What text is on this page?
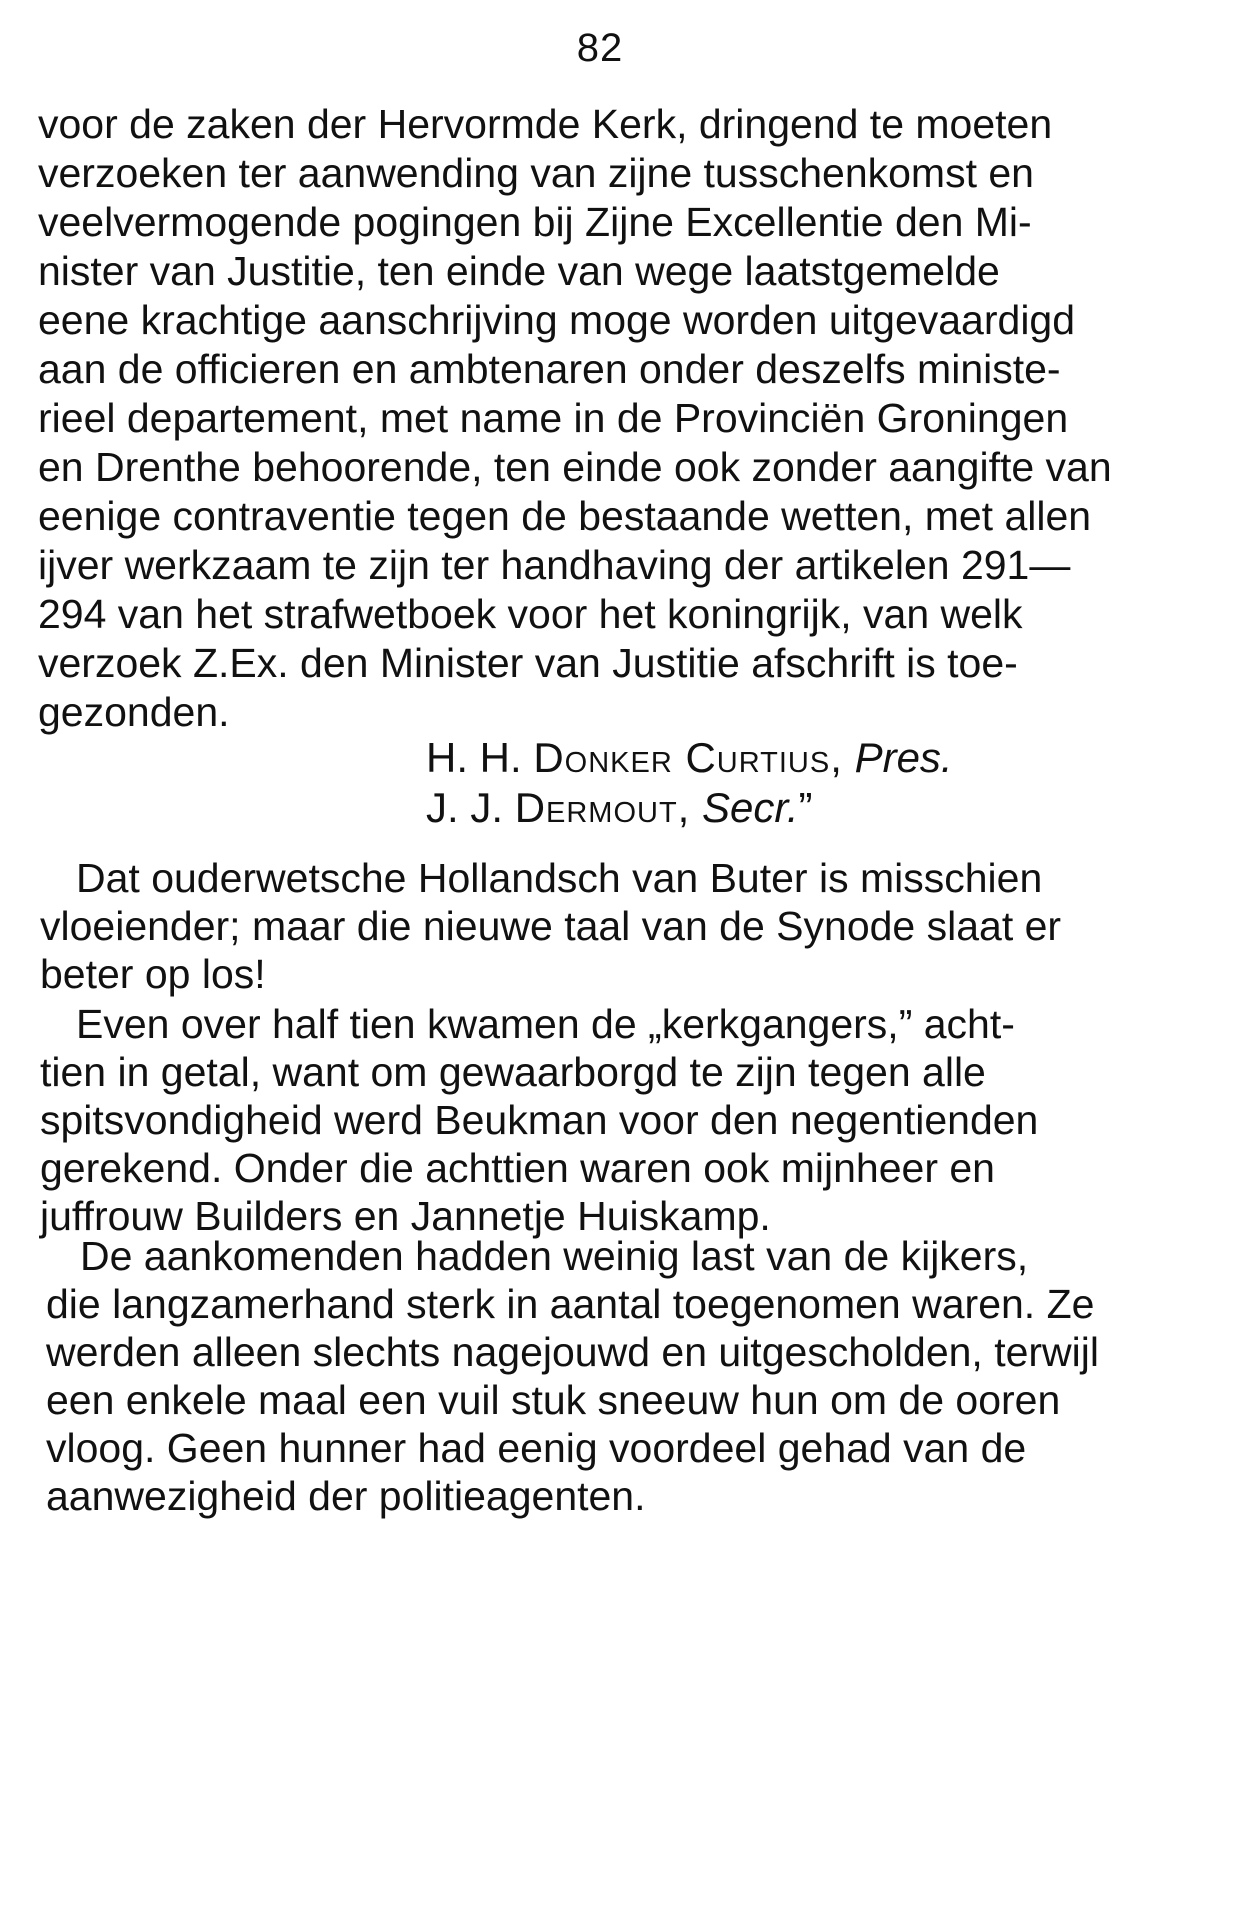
82
voor de zaken der Hervormde Kerk, dringend te moeten
verzoeken ter aanwending van zijne tusschenkomst en
veelvermogende pogingen bij Zijne Excellentie den Mi-
nister van Justitie, ten einde van wege laatstgemelde
eene krachtige aanschrijving moge worden uitgevaardigd
aan de officieren en ambtenaren onder deszelfs ministe-
rieel departement, met name in de Provinciën Groningen
en Drenthe behoorende, ten einde ook zonder aangifte van
eenige contraventie tegen de bestaande wetten, met allen
ijver werkzaam te zijn ter handhaving der artikelen 291—
294 van het strafwetboek voor het koningrijk, van welk
verzoek Z.Ex. den Minister van Justitie afschrift is toe-
gezonden.
H. H. Donker Curtius, Pres.
J. J. Dermout, Secr.”
Dat ouderwetsche Hollandsch van Buter is misschien
vloeiender; maar die nieuwe taal van de Synode slaat er
beter op los!
Even over half tien kwamen de „kerkgangers,” acht-
tien in getal, want om gewaarborgd te zijn tegen alle
spitsvondigheid werd Beukman voor den negentienden
gerekend. Onder die achttien waren ook mijnheer en
juffrouw Builders en Jannetje Huiskamp.
De aankomenden hadden weinig last van de kijkers,
die langzamerhand sterk in aantal toegenomen waren. Ze
werden alleen slechts nagejouwd en uitgescholden, terwijl
een enkele maal een vuil stuk sneeuw hun om de ooren
vloog. Geen hunner had eenig voordeel gehad van de
aanwezigheid der politieagenten.
